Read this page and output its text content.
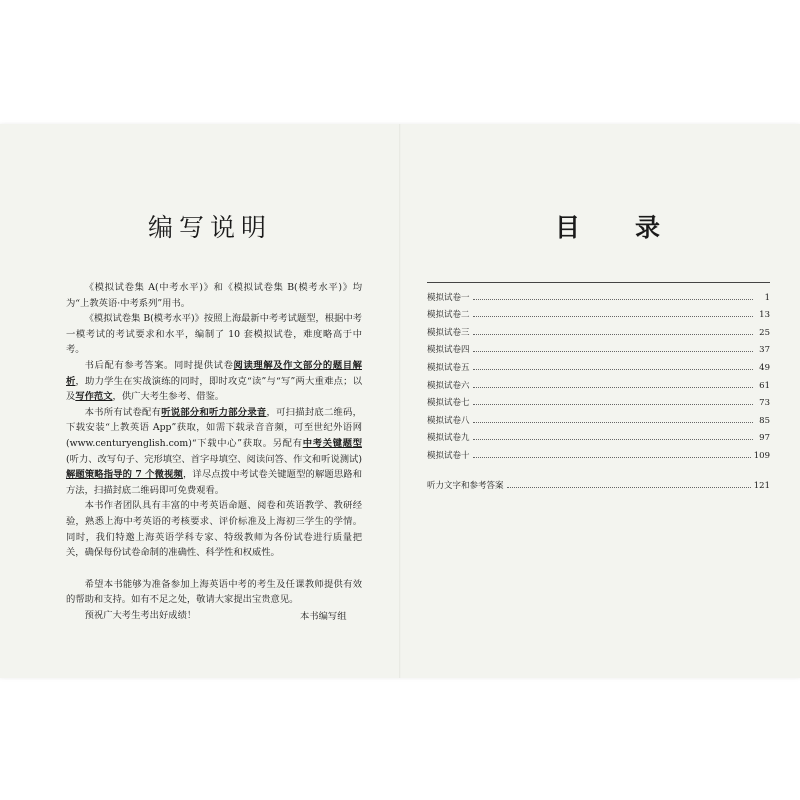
编写说明

《模拟试卷集 A(中考水平)》和《模拟试卷集 B(模考水平)》均为“上教英语·中考系列”用书。

《模拟试卷集 B(模考水平)》按照上海最新中考考试题型，根据中考一模考试的考试要求和水平，编制了 10 套模拟试卷，难度略高于中考。

书后配有参考答案。同时提供试卷阅读理解及作文部分的题目解析，助力学生在实战演练的同时，即时攻克“读”与“写”两大重难点；以及写作范文，供广大考生参考、借鉴。

本书所有试卷配有听说部分和听力部分录音，可扫描封底二维码，下载安装“上教英语 App”获取，如需下载录音音频，可至世纪外语网(www.centuryenglish.com)“下载中心”获取。另配有中考关键题型(听力、改写句子、完形填空、首字母填空、阅读问答、作文和听说测试)解题策略指导的 7 个微视频，详尽点拨中考试卷关键题型的解题思路和方法，扫描封底二维码即可免费观看。

本书作者团队具有丰富的中考英语命题、阅卷和英语教学、教研经验，熟悉上海中考英语的考核要求、评价标准及上海初三学生的学情。同时，我们特邀上海英语学科专家、特级教师为各份试卷进行质量把关，确保每份试卷命制的准确性、科学性和权威性。

希望本书能够为准备参加上海英语中考的考生及任课教师提供有效的帮助和支持。如有不足之处，敬请大家提出宝贵意见。

预祝广大考生考出好成绩！	本书编写组
目 录
模拟试卷一	1
模拟试卷二	13
模拟试卷三	25
模拟试卷四	37
模拟试卷五	49
模拟试卷六	61
模拟试卷七	73
模拟试卷八	85
模拟试卷九	97
模拟试卷十	109
听力文字和参考答案	121
